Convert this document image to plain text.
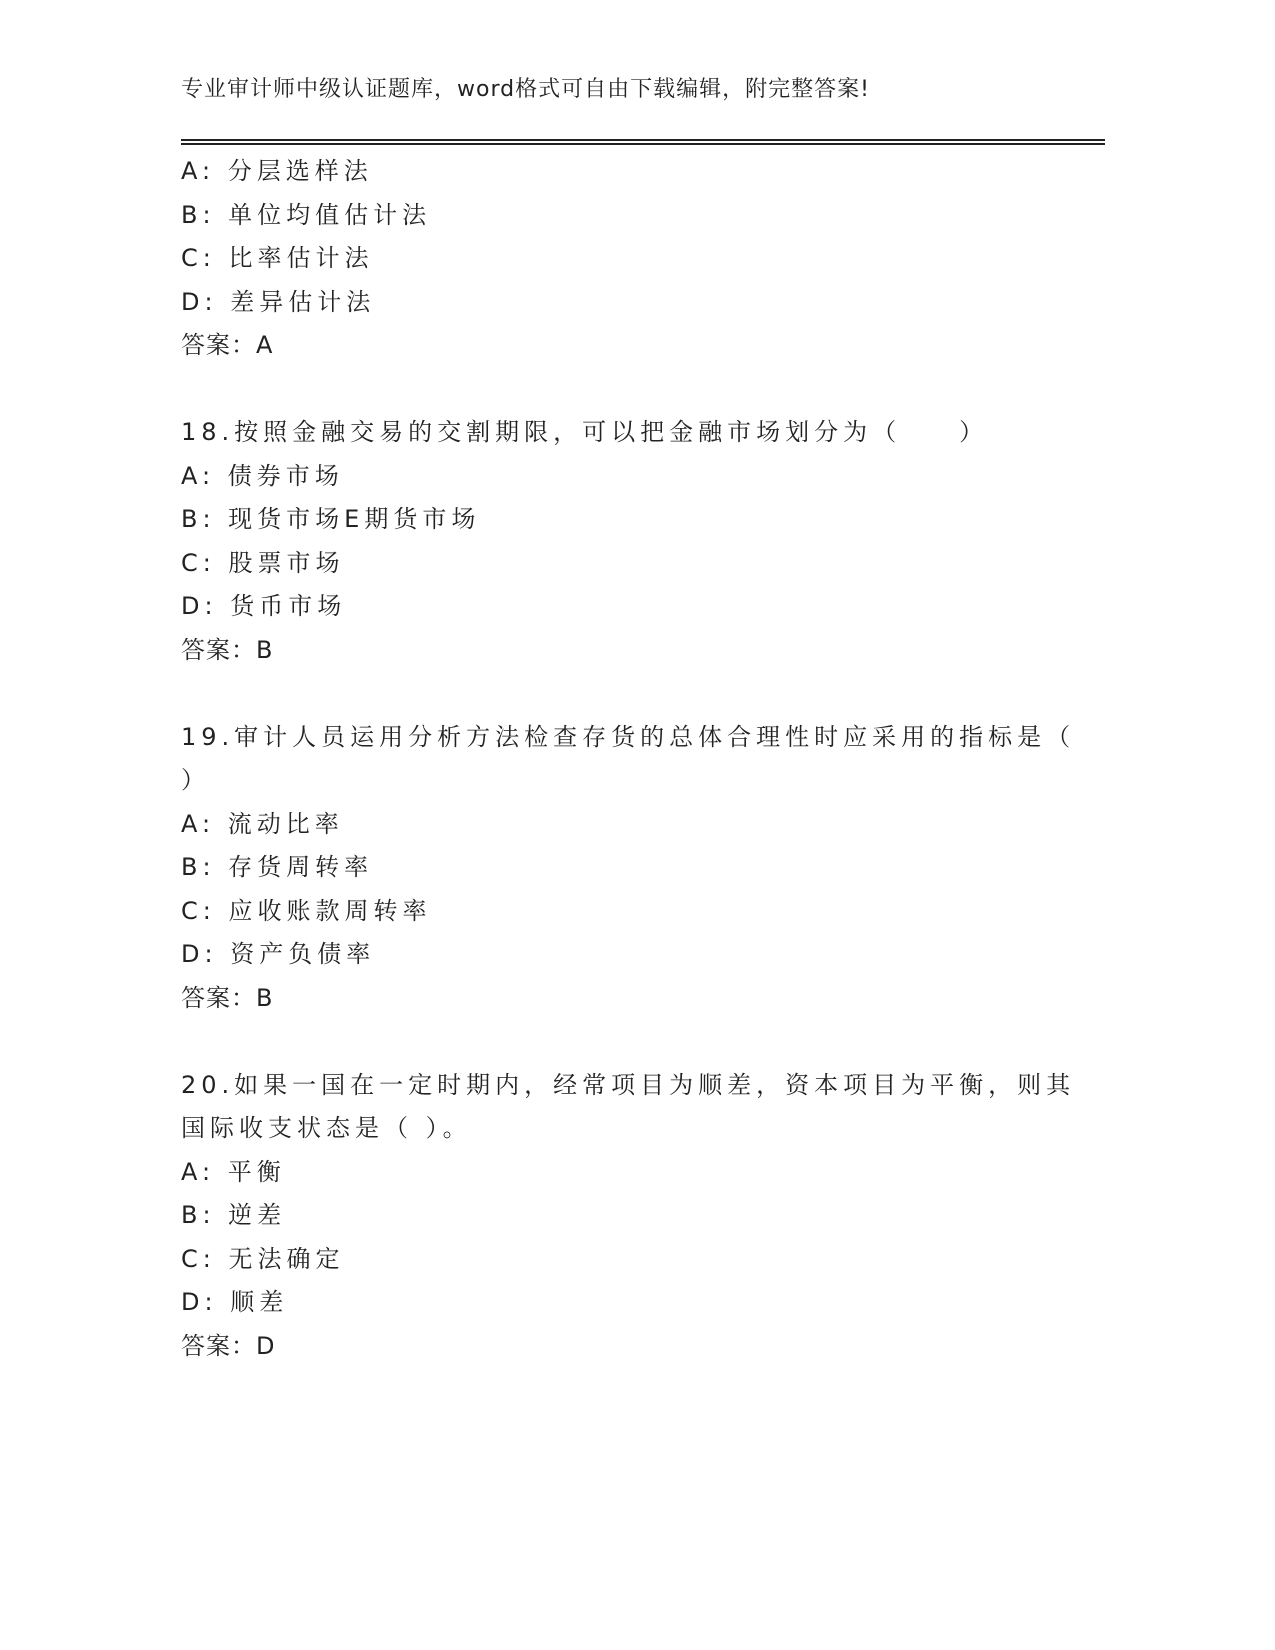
专业审计师中级认证题库，word格式可自由下载编辑，附完整答案!
A: 分层选样法
B: 单位均值估计法
C: 比率估计法
D: 差异估计法
答案：A
18.按照金融交易的交割期限，可以把金融市场划分为（　　）
A: 债券市场
B: 现货市场E期货市场
C: 股票市场
D: 货币市场
答案：B
19.审计人员运用分析方法检查存货的总体合理性时应采用的指标是（
）
A: 流动比率
B: 存货周转率
C: 应收账款周转率
D: 资产负债率
答案：B
20.如果一国在一定时期内，经常项目为顺差，资本项目为平衡，则其
国际收支状态是（ ）。
A: 平衡
B: 逆差
C: 无法确定
D: 顺差
答案：D
